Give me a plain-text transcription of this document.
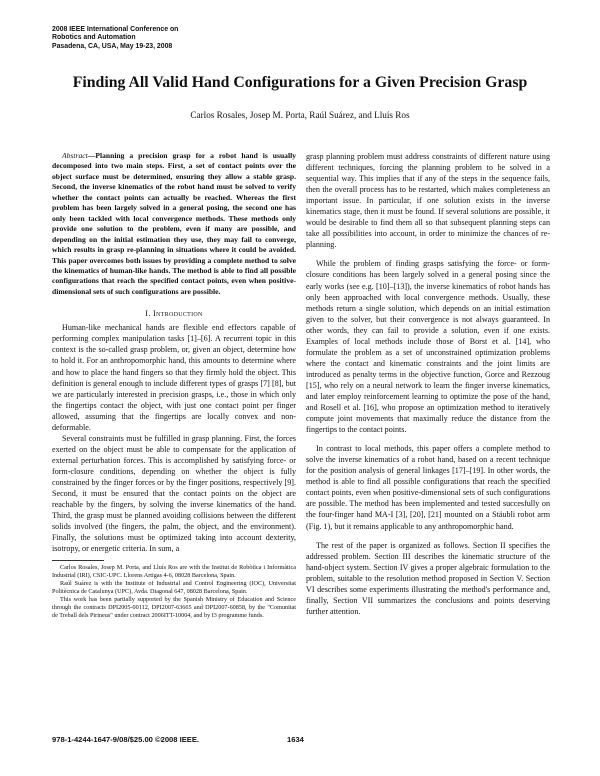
2008 IEEE International Conference on
Robotics and Automation
Pasadena, CA, USA, May 19-23, 2008
Finding All Valid Hand Configurations for a Given Precision Grasp
Carlos Rosales, Josep M. Porta, Raúl Suárez, and Lluís Ros

Abstract—Planning a precision grasp for a robot hand is usually decomposed into two main steps. First, a set of contact points over the object surface must be determined, ensuring they allow a stable grasp. Second, the inverse kinematics of the robot hand must be solved to verify whether the contact points can actually be reached. Whereas the first problem has been largely solved in a general posing, the second one has only been tackled with local convergence methods. These methods only provide one solution to the problem, even if many are possible, and depending on the initial estimation they use, they may fail to converge, which results in grasp re-planning in situations where it could be avoided. This paper overcomes both issues by providing a complete method to solve the kinematics of human-like hands. The method is able to find all possible configurations that reach the specified contact points, even when positive-dimensional sets of such configurations are possible.

I. Introduction

Human-like mechanical hands are flexible end effectors capable of performing complex manipulation tasks [1]–[6]. A recurrent topic in this context is the so-called grasp problem, or, given an object, determine how to hold it. For an anthropomorphic hand, this amounts to determine where and how to place the hand fingers so that they firmly hold the object. This definition is general enough to include different types of grasps [7] [8], but we are particularly interested in precision grasps, i.e., those in which only the fingertips contact the object, with just one contact point per finger allowed, assuming that the fingertips are locally convex and non-deformable.

Several constraints must be fulfilled in grasp planning. First, the forces exerted on the object must be able to compensate for the application of external perturbation forces. This is accomplished by satisfying force- or form-closure conditions, depending on whether the object is fully constrained by the finger forces or by the finger positions, respectively [9]. Second, it must be ensured that the contact points on the object are reachable by the fingers, by solving the inverse kinematics of the hand. Third, the grasp must be planned avoiding collisions between the different solids involved (the fingers, the palm, the object, and the environment). Finally, the solutions must be optimized taking into account dexterity, isotropy, or energetic criteria. In sum, a

Carlos Rosales, Josep M. Porta, and Lluís Ros are with the Institut de Robòtica i Informàtica Industrial (IRI), CSIC-UPC. Llorens Artigas 4-6, 08028 Barcelona, Spain.

Raúl Suárez is with the Institute of Industrial and Control Engineering (IOC), Universitat Politècnica de Catalunya (UPC), Avda. Diagonal 647, 08028 Barcelona, Spain.

This work has been partially supported by the Spanish Ministry of Education and Science through the contracts DPI2005-00112, DPI2007-63665 and DPI2007-60858, by the "Comunitat de Treball dels Pirineus" under contract 2006ITT-10004, and by I3 programme funds.

grasp planning problem must address constraints of different nature using different techniques, forcing the planning problem to be solved in a sequential way. This implies that if any of the steps in the sequence fails, then the overall process has to be restarted, which makes completeness an important issue. In particular, if one solution exists in the inverse kinematics stage, then it must be found. If several solutions are possible, it would be desirable to find them all so that subsequent planning steps can take all possibilities into account, in order to minimize the chances of re-planning.

While the problem of finding grasps satisfying the force- or form-closure conditions has been largely solved in a general posing since the early works (see e.g. [10]–[13]), the inverse kinematics of robot hands has only been approached with local convergence methods. Usually, these methods return a single solution, which depends on an initial estimation given to the solver, but their convergence is not always guaranteed. In other words, they can fail to provide a solution, even if one exists. Examples of local methods include those of Borst et al. [14], who formulate the problem as a set of unconstrained optimization problems where the contact and kinematic constraints and the joint limits are introduced as penalty terms in the objective function, Gorce and Rezzoug [15], who rely on a neural network to learn the finger inverse kinematics, and later employ reinforcement learning to optimize the pose of the hand, and Rosell et al. [16], who propose an optimization method to iteratively compute joint movements that maximally reduce the distance from the fingertips to the contact points.

In contrast to local methods, this paper offers a complete method to solve the inverse kinematics of a robot hand, based on a recent technique for the position analysis of general linkages [17]–[19]. In other words, the method is able to find all possible configurations that reach the specified contact points, even when positive-dimensional sets of such configurations are possible. The method has been implemented and tested succesfully on the four-finger hand MA-I [3], [20], [21] mounted on a Stäubli robot arm (Fig. 1), but it remains applicable to any anthropomorphic hand.

The rest of the paper is organized as follows. Section II specifies the addressed problem. Section III describes the kinematic structure of the hand-object system. Section IV gives a proper algebraic formulation to the problem, suitable to the resolution method proposed in Section V. Section VI describes some experiments illustrating the method's performance and, finally, Section VII summarizes the conclusions and points deserving further attention.

978-1-4244-1647-9/08/$25.00 ©2008 IEEE.	1634
